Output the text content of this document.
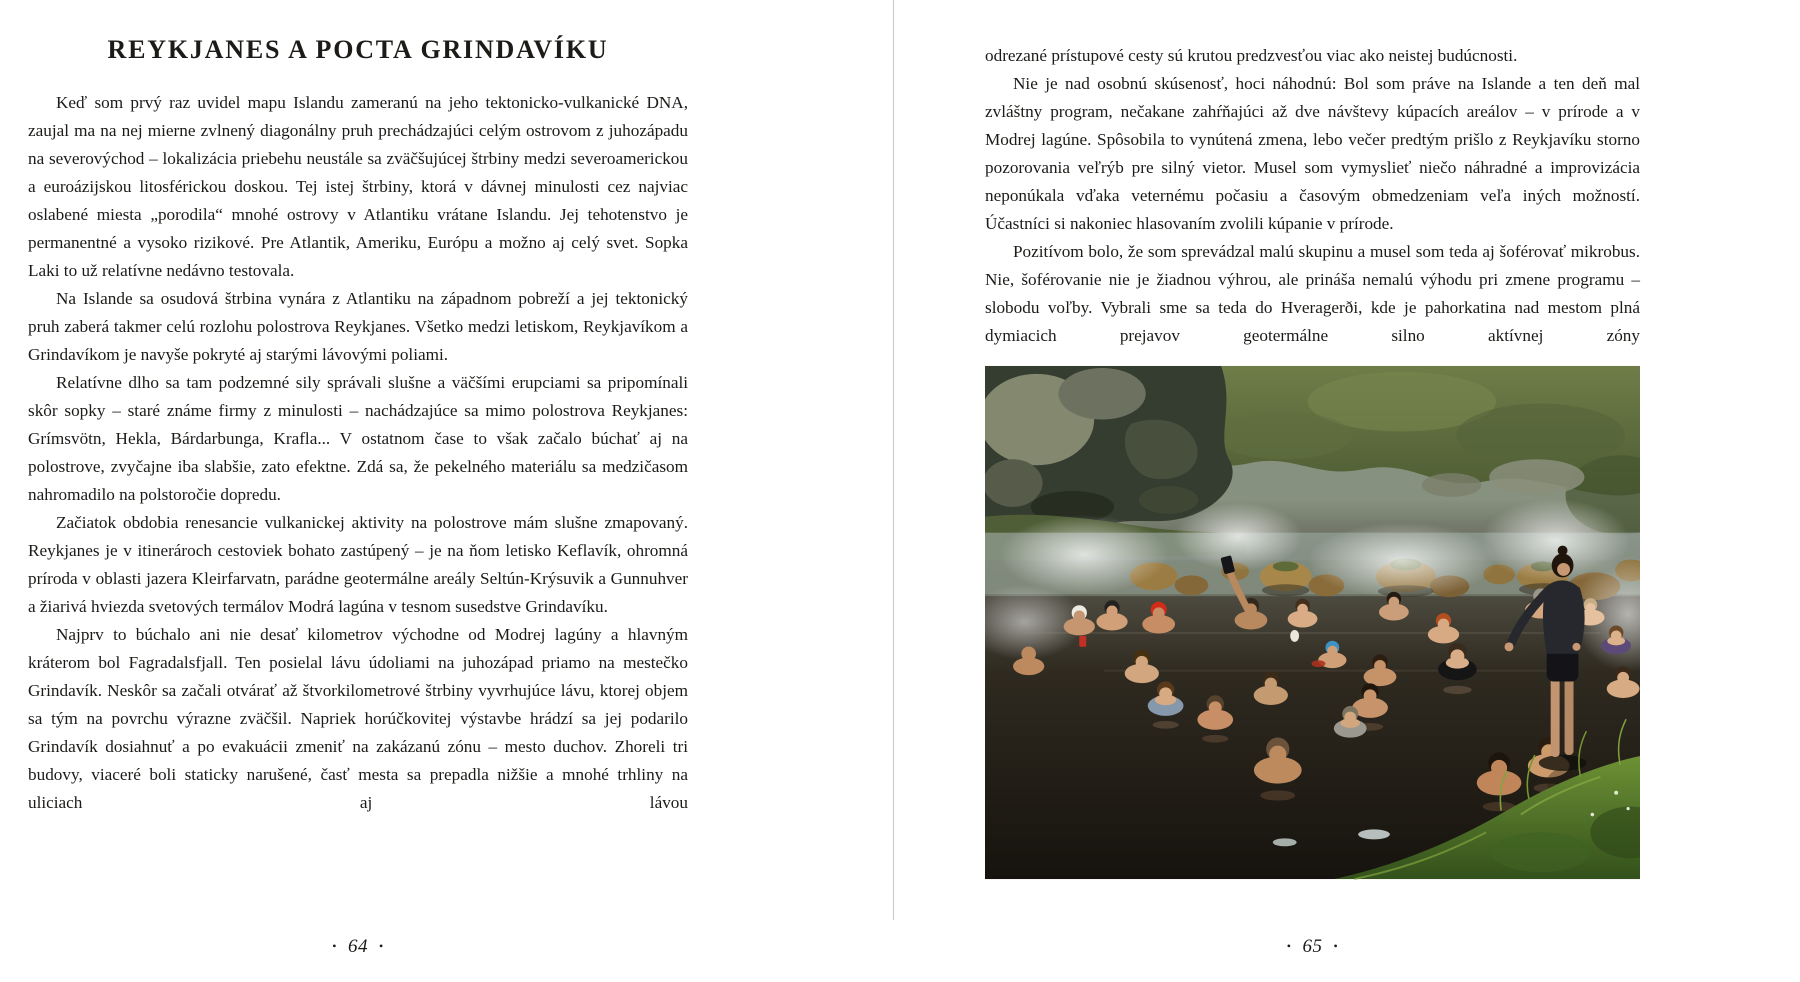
REYKJANES A POCTA GRINDAVÍKU

Keď som prvý raz uvidel mapu Islandu zameranú na jeho tektonicko-vulkanické DNA, zaujal ma na nej mierne zvlnený diagonálny pruh prechádzajúci celým ostrovom z juhozápadu na severovýchod – lokalizácia priebehu neustále sa zväčšujúcej štrbiny medzi severoamerickou a euroázijskou litosférickou doskou. Tej istej štrbiny, ktorá v dávnej minulosti cez najviac oslabené miesta „porodila“ mnohé ostrovy v Atlantiku vrátane Islandu. Jej tehotenstvo je permanentné a vysoko rizikové. Pre Atlantik, Ameriku, Európu a možno aj celý svet. Sopka Laki to už relatívne nedávno testovala.

Na Islande sa osudová štrbina vynára z Atlantiku na západnom pobreží a jej tektonický pruh zaberá takmer celú rozlohu polostrova Reykjanes. Všetko medzi letiskom, Reykjavíkom a Grindavíkom je navyše pokryté aj starými lávovými poliami.

Relatívne dlho sa tam podzemné sily správali slušne a väčšími erupciami sa pripomínali skôr sopky – staré známe firmy z minulosti – nachádzajúce sa mimo polostrova Reykjanes: Grímsvötn, Hekla, Bárdarbunga, Krafla... V ostatnom čase to však začalo búchať aj na polostrove, zvyčajne iba slabšie, zato efektne. Zdá sa, že pekelného materiálu sa medzičasom nahromadilo na polstoročie dopredu.

Začiatok obdobia renesancie vulkanickej aktivity na polostrove mám slušne zmapovaný. Reykjanes je v itinerároch cestoviek bohato zastúpený – je na ňom letisko Keflavík, ohromná príroda v oblasti jazera Kleirfarvatn, parádne geotermálne areály Seltún-Krýsuvik a Gunnuhver a žiarivá hviezda svetových termálov Modrá lagúna v tesnom susedstve Grindavíku.

Najprv to búchalo ani nie desať kilometrov východne od Modrej lagúny a hlavným kráterom bol Fagradalsfjall. Ten posielal lávu údoliami na juhozápad priamo na mestečko Grindavík. Neskôr sa začali otvárať až štvorkilometrové štrbiny vyvrhujúce lávu, ktorej objem sa tým na povrchu výrazne zväčšil. Napriek horúčkovitej výstavbe hrádzí sa jej podarilo Grindavík dosiahnuť a po evakuácii zmeniť na zakázanú zónu – mesto duchov. Zhoreli tri budovy, viaceré boli staticky narušené, časť mesta sa prepadla nižšie a mnohé trhliny na uliciach aj lávou

• 64 •

odrezané prístupové cesty sú krutou predzvesťou viac ako neistej budúcnosti.

Nie je nad osobnú skúsenosť, hoci náhodnú: Bol som práve na Islande a ten deň mal zvláštny program, nečakane zahŕňajúci až dve návštevy kúpacích areálov – v prírode a v Modrej lagúne. Spôsobila to vynútená zmena, lebo večer predtým prišlo z Reykjavíku storno pozorovania veľrýb pre silný vietor. Musel som vymyslieť niečo náhradné a improvizácia neponúkala vďaka veternému počasiu a časovým obmedzeniam veľa iných možností. Účastníci si nakoniec hlasovaním zvolili kúpanie v prírode.

Pozitívom bolo, že som sprevádzal malú skupinu a musel som teda aj šoférovať mikrobus. Nie, šoférovanie nie je žiadnou výhrou, ale prináša nemalú výhodu pri zmene programu – slobodu voľby. Vybrali sme sa teda do Hveragerði, kde je pahorkatina nad mestom plná dymiacich prejavov geotermálne silno aktívnej zóny

• 65 •
